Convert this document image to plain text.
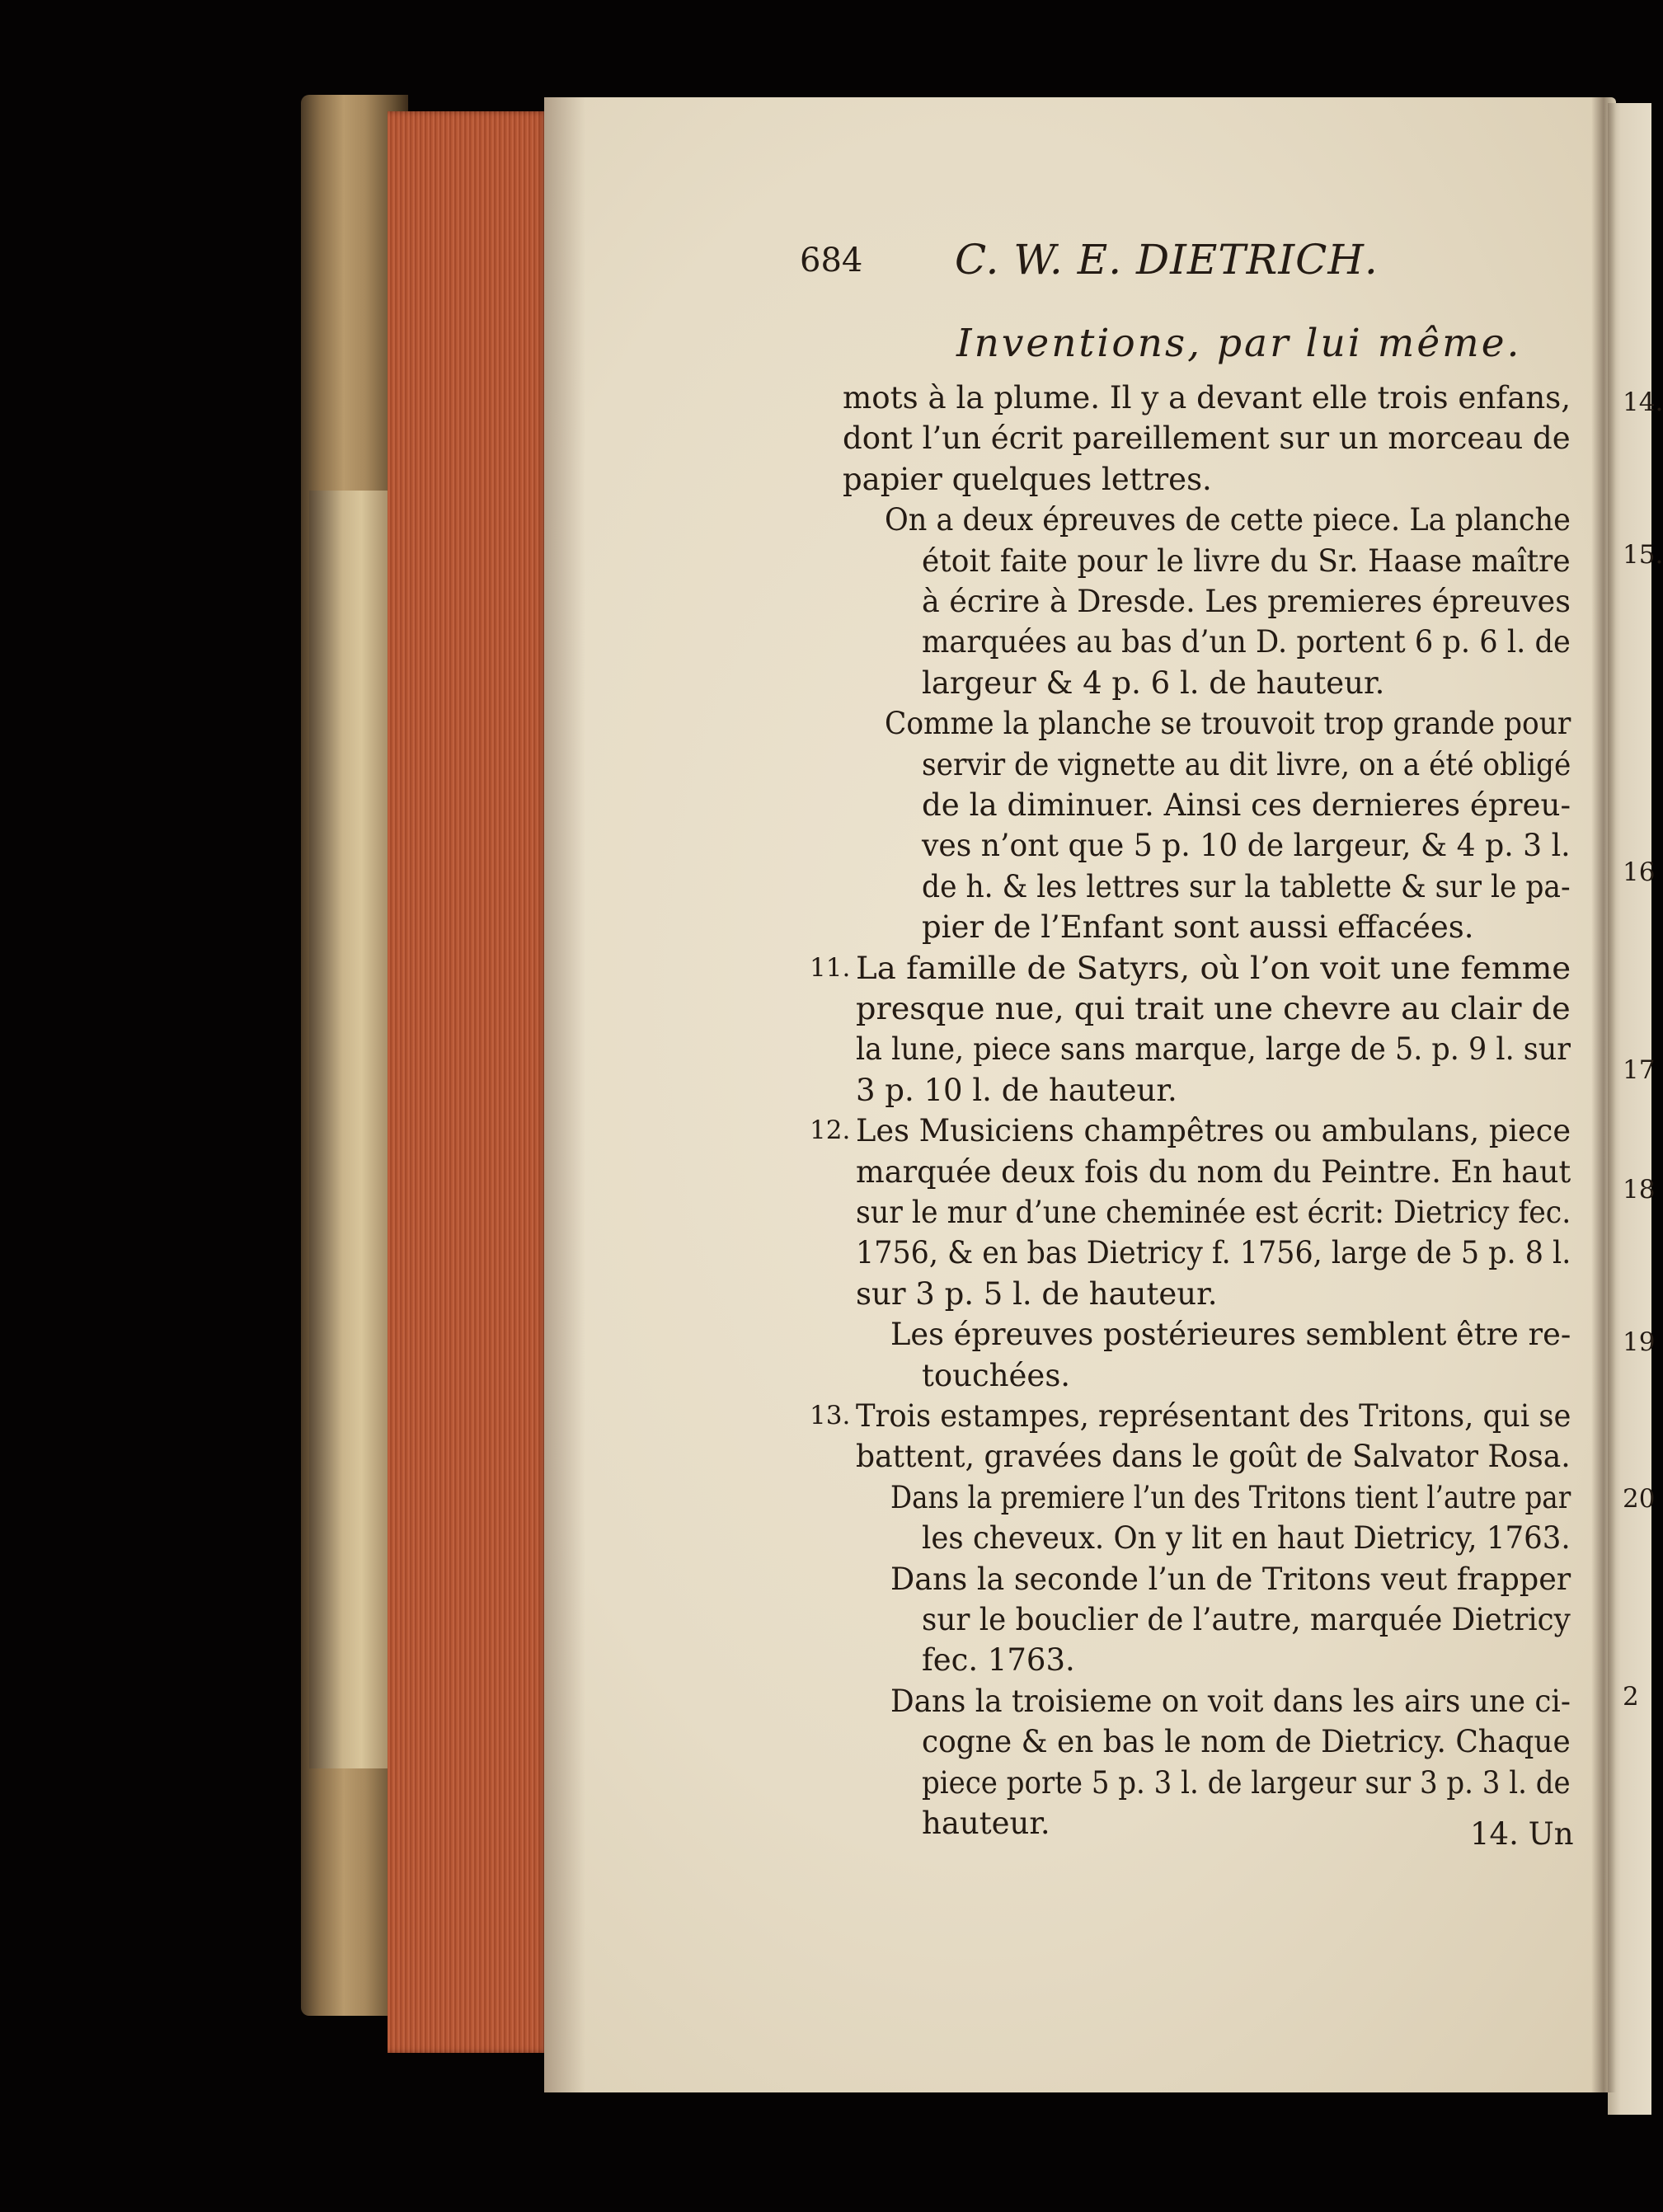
684 C. W. E. DIETRICH.
Inventions, par lui même.
mots à la plume. Il y a devant elle trois enfans,
dont l’un écrit pareillement sur un morceau de
papier quelques lettres.
On a deux épreuves de cette piece. La planche
étoit faite pour le livre du Sr. Haase maître
à écrire à Dresde. Les premieres épreuves
marquées au bas d’un D. portent 6 p. 6 l. de
largeur & 4 p. 6 l. de hauteur.
Comme la planche se trouvoit trop grande pour
servir de vignette au dit livre, on a été obligé
de la diminuer. Ainsi ces dernieres épreu-
ves n’ont que 5 p. 10 de largeur, & 4 p. 3 l.
de h. & les lettres sur la tablette & sur le pa-
pier de l’Enfant sont aussi effacées.
11. La famille de Satyrs, où l’on voit une femme
presque nue, qui trait une chevre au clair de
la lune, piece sans marque, large de 5. p. 9 l. sur
3 p. 10 l. de hauteur.
12. Les Musiciens champêtres ou ambulans, piece
marquée deux fois du nom du Peintre. En haut
sur le mur d’une cheminée est écrit: Dietricy fec.
1756, & en bas Dietricy f. 1756, large de 5 p. 8 l.
sur 3 p. 5 l. de hauteur.
Les épreuves postérieures semblent être re-
touchées.
13. Trois estampes, représentant des Tritons, qui se
battent, gravées dans le goût de Salvator Rosa.
Dans la premiere l’un des Tritons tient l’autre par
les cheveux. On y lit en haut Dietricy, 1763.
Dans la seconde l’un de Tritons veut frapper
sur le bouclier de l’autre, marquée Dietricy
fec. 1763.
Dans la troisieme on voit dans les airs une ci-
cogne & en bas le nom de Dietricy. Chaque
piece porte 5 p. 3 l. de largeur sur 3 p. 3 l. de
hauteur.	14. Un
14.
15.
16
17
18
19
20
2
